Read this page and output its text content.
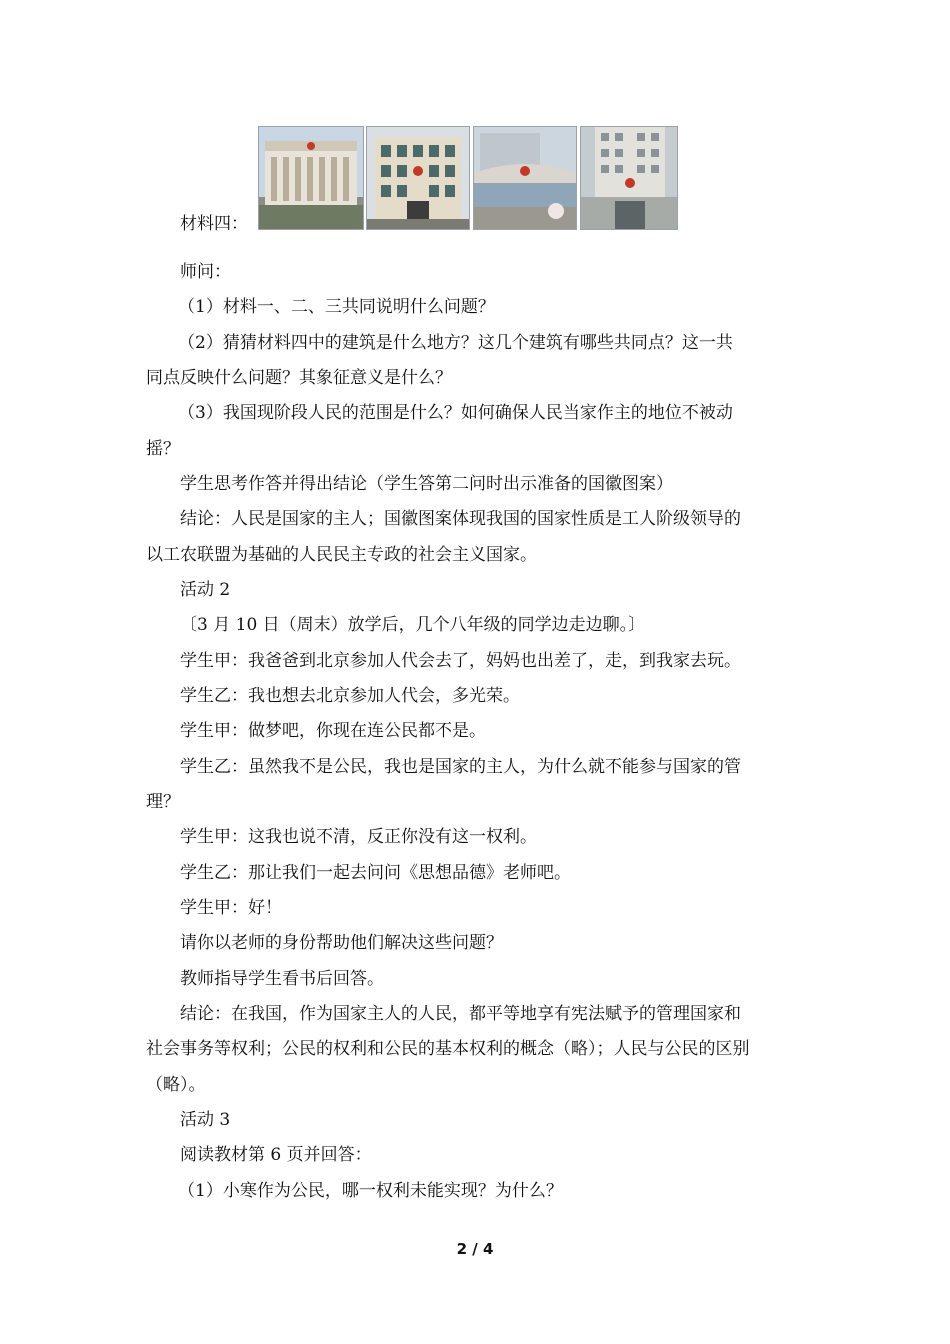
材料四：

师问：

（1）材料一、二、三共同说明什么问题？

（2）猜猜材料四中的建筑是什么地方？这几个建筑有哪些共同点？这一共

同点反映什么问题？其象征意义是什么？

（3）我国现阶段人民的范围是什么？如何确保人民当家作主的地位不被动

摇？

学生思考作答并得出结论（学生答第二问时出示准备的国徽图案）

结论：人民是国家的主人；国徽图案体现我国的国家性质是工人阶级领导的

以工农联盟为基础的人民民主专政的社会主义国家。

活动 2

〔3 月 10 日（周末）放学后，几个八年级的同学边走边聊。〕

学生甲：我爸爸到北京参加人代会去了，妈妈也出差了，走，到我家去玩。

学生乙：我也想去北京参加人代会，多光荣。

学生甲：做梦吧，你现在连公民都不是。

学生乙：虽然我不是公民，我也是国家的主人，为什么就不能参与国家的管

理？

学生甲：这我也说不清，反正你没有这一权利。

学生乙：那让我们一起去问问《思想品德》老师吧。

学生甲：好！

请你以老师的身份帮助他们解决这些问题？

教师指导学生看书后回答。

结论：在我国，作为国家主人的人民，都平等地享有宪法赋予的管理国家和

社会事务等权利；公民的权利和公民的基本权利的概念（略）；人民与公民的区别

（略）。

活动 3

阅读教材第 6 页并回答：

（1）小寒作为公民，哪一权利未能实现？为什么？

2 / 4
